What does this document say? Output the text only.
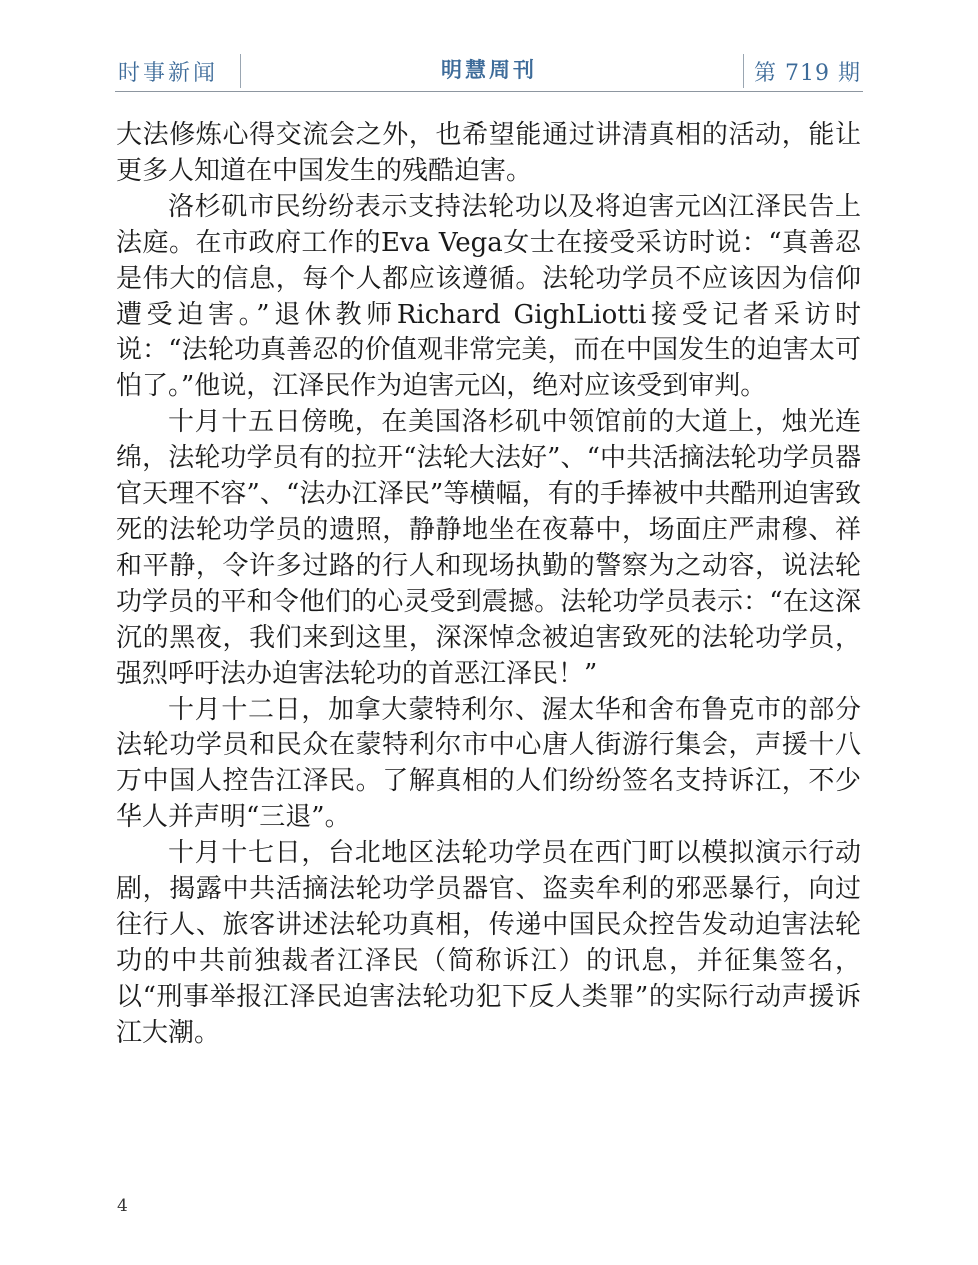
时事新闻	明慧周刊	第 719 期

大法修炼心得交流会之外，也希望能通过讲清真相的活动，能让更多人知道在中国发生的残酷迫害。

洛杉矶市民纷纷表示支持法轮功以及将迫害元凶江泽民告上法庭。在市政府工作的Eva Vega女士在接受采访时说：“真善忍是伟大的信息，每个人都应该遵循。法轮功学员不应该因为信仰遭受迫害。”退休教师Richard GighLiotti接受记者采访时说：“法轮功真善忍的价值观非常完美，而在中国发生的迫害太可怕了。”他说，江泽民作为迫害元凶，绝对应该受到审判。

十月十五日傍晚，在美国洛杉矶中领馆前的大道上，烛光连绵，法轮功学员有的拉开“法轮大法好”、“中共活摘法轮功学员器官天理不容”、“法办江泽民”等横幅，有的手捧被中共酷刑迫害致死的法轮功学员的遗照，静静地坐在夜幕中，场面庄严肃穆、祥和平静，令许多过路的行人和现场执勤的警察为之动容，说法轮功学员的平和令他们的心灵受到震撼。法轮功学员表示：“在这深沉的黑夜，我们来到这里，深深悼念被迫害致死的法轮功学员，强烈呼吁法办迫害法轮功的首恶江泽民！”

十月十二日，加拿大蒙特利尔、渥太华和舍布鲁克市的部分法轮功学员和民众在蒙特利尔市中心唐人街游行集会，声援十八万中国人控告江泽民。了解真相的人们纷纷签名支持诉江，不少华人并声明“三退”。

十月十七日，台北地区法轮功学员在西门町以模拟演示行动剧，揭露中共活摘法轮功学员器官、盗卖牟利的邪恶暴行，向过往行人、旅客讲述法轮功真相，传递中国民众控告发动迫害法轮功的中共前独裁者江泽民（简称诉江）的讯息，并征集签名，以“刑事举报江泽民迫害法轮功犯下反人类罪”的实际行动声援诉江大潮。

4
